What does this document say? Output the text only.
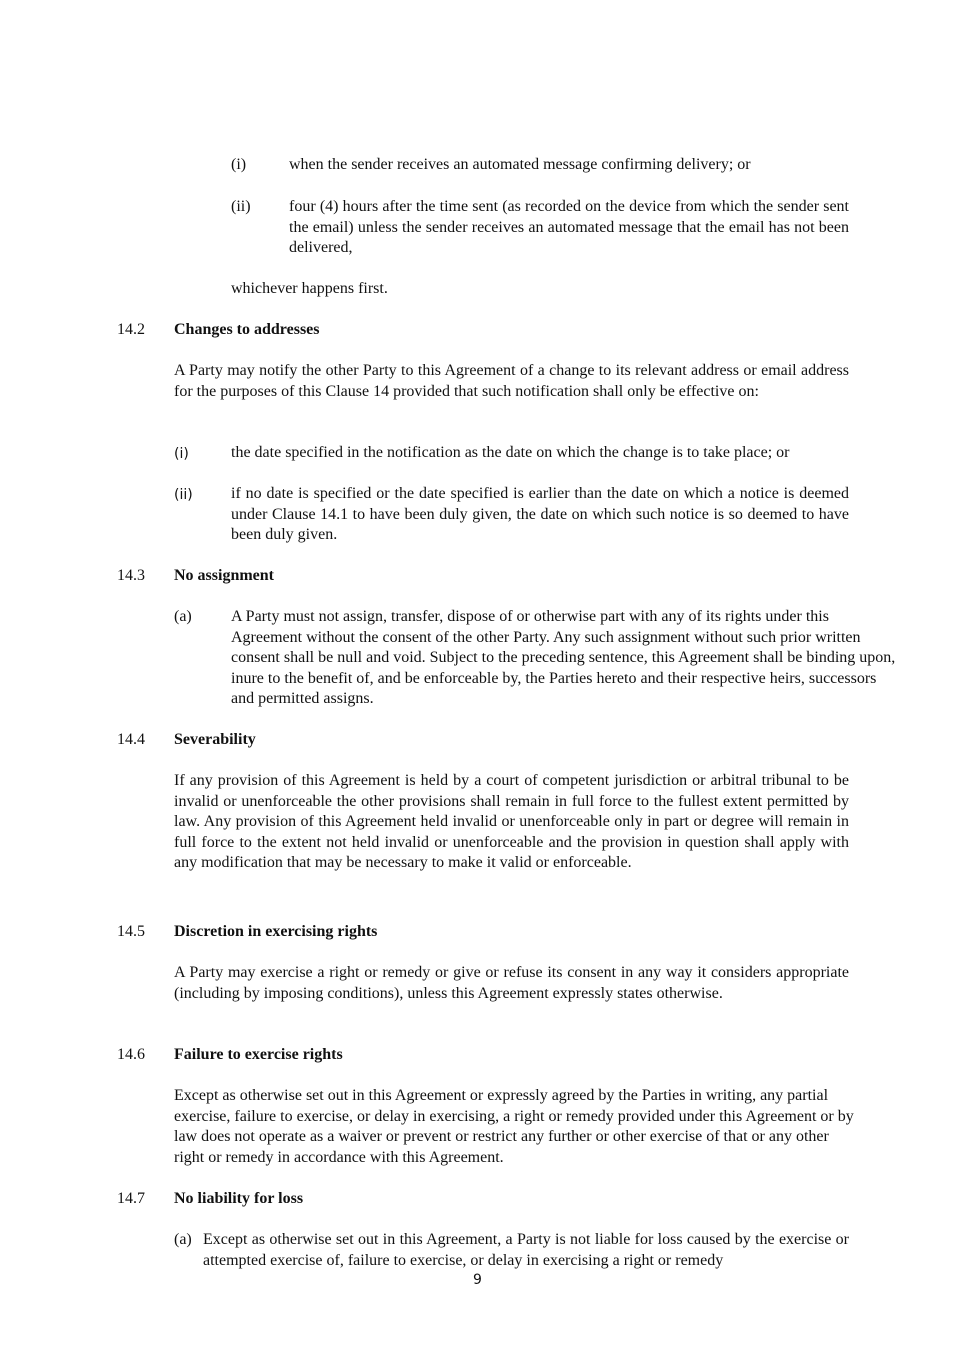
(i)	when the sender receives an automated message confirming delivery; or
(ii) four (4) hours after the time sent (as recorded on the device from which the sender sent the email) unless the sender receives an automated message that the email has not been delivered,
whichever happens first.
14.2 Changes to addresses
A Party may notify the other Party to this Agreement of a change to its relevant address or email address for the purposes of this Clause 14 provided that such notification shall only be effective on:
(i)	the date specified in the notification as the date on which the change is to take place; or
(ii) if no date is specified or the date specified is earlier than the date on which a notice is deemed under Clause 14.1 to have been duly given, the date on which such notice is so deemed to have been duly given.
14.3 No assignment
(a) A Party must not assign, transfer, dispose of or otherwise part with any of its rights under this Agreement without the consent of the other Party. Any such assignment without such prior written consent shall be null and void. Subject to the preceding sentence, this Agreement shall be binding upon, inure to the benefit of, and be enforceable by, the Parties hereto and their respective heirs, successors and permitted assigns.
14.4 Severability
If any provision of this Agreement is held by a court of competent jurisdiction or arbitral tribunal to be invalid or unenforceable the other provisions shall remain in full force to the fullest extent permitted by law. Any provision of this Agreement held invalid or unenforceable only in part or degree will remain in full force to the extent not held invalid or unenforceable and the provision in question shall apply with any modification that may be necessary to make it valid or enforceable.
14.5 Discretion in exercising rights
A Party may exercise a right or remedy or give or refuse its consent in any way it considers appropriate (including by imposing conditions), unless this Agreement expressly states otherwise.
14.6 Failure to exercise rights
Except as otherwise set out in this Agreement or expressly agreed by the Parties in writing, any partial exercise, failure to exercise, or delay in exercising, a right or remedy provided under this Agreement or by law does not operate as a waiver or prevent or restrict any further or other exercise of that or any other right or remedy in accordance with this Agreement.
14.7 No liability for loss
(a) Except as otherwise set out in this Agreement, a Party is not liable for loss caused by the exercise or attempted exercise of, failure to exercise, or delay in exercising a right or remedy
9
